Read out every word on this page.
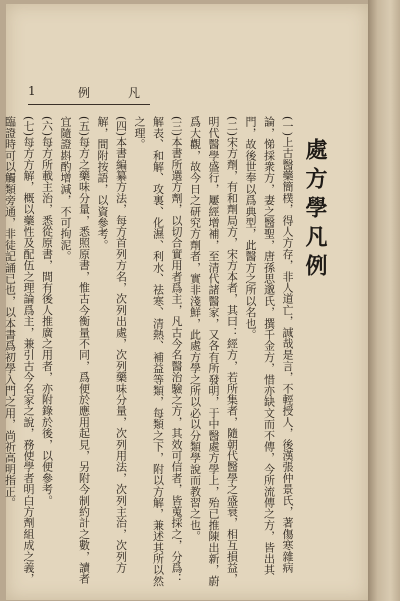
1	例	凡
處方學凡例
(一)上古醫藥簡樸，得人方存，非人道亡，誠哉是言，不輕授人，後漢張仲景氏，著傷寒雜病論，悌採衆方，妻之醫聖，唐孫思邈氏，撰千金方，惜亦缺文而不傳，今所流傳之方，皆出其門，故後世奉以爲典型，此醫方之所以名也。
(二)宋方劑，有和劑局方，宋方本者，其曰：經方，若所集者，隨朝代醫學之盛衰，相互損益，明代醫學盛行，屢經增補，至清代諸醫家，又各有所發明，于中醫處方學上，殆已推陳出新，蔚爲大觀，故今日之研究方劑者，實非淺鮮，此處方學之所以必以分類學說而教習之也。
(三)本書所選方劑，以切合實用者爲主，凡古今名醫治驗之方，其效可信者，皆蒐採之，分爲：解表、和解、攻裏、化濕、利水、祛寒、清熱、補益等類，每類之下，附以方解，兼述其所以然之理。
(四)本書編纂方法，每方首列方名，次列出處，次列藥味分量，次列用法，次列主治，次列方解，間附按語，以資參考。
(五)每方之藥味分量，悉照原書，惟古今衡量不同，爲便於應用起見，另附今制約計之數，讀者宜隨證斟酌增減，不可拘泥。
(六)每方所載主治，悉從原書，間有後人推廣之用者，亦附錄於後，以便參考。
(七)每方方解，概以藥性及配伍之理論爲主，兼引古今名家之說，務使學者明白方劑組成之義，臨證時可以觸類旁通，非徒記誦已也，以本書爲初學入門之用，尚祈高明指正。
